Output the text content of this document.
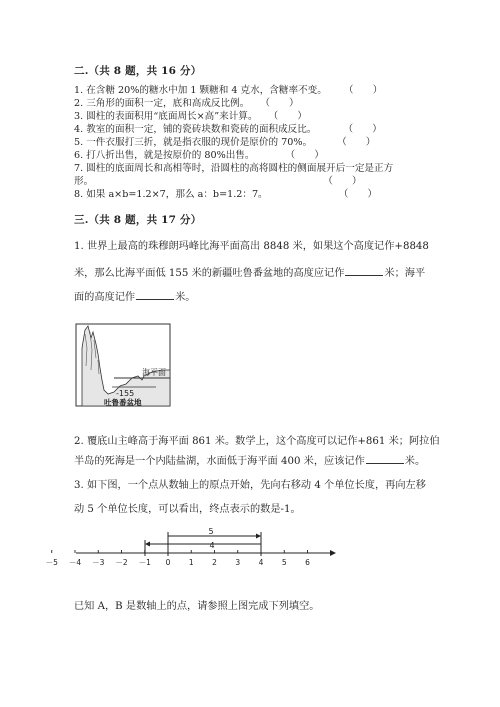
二.（共 8 题，共 16 分）
1. 在含糖 20%的糖水中加 1 颗糖和 4 克水，含糖率不变。 （　　）
2. 三角形的面积一定，底和高成反比例。 （　　）
3. 圆柱的表面积用“底面周长×高”来计算。 （　　）
4. 教室的面积一定，铺的瓷砖块数和瓷砖的面积成反比。	（　　）
5. 一件衣服打三折，就是指衣服的现价是原价的 70%。	（　　）
6. 打八折出售，就是按原价的 80%出售。	（　　）
7. 圆柱的底面周长和高相等时，沿圆柱的高将圆柱的侧面展开后一定是正方
形。	（　　）
8. 如果 a×b=1.2×7，那么 a：b=1.2：7。	（　　）
三.（共 8 题，共 17 分）
1. 世界上最高的珠穆朗玛峰比海平面高出 8848 米，如果这个高度记作+8848
米，那么比海平面低 155 米的新疆吐鲁番盆地的高度应记作	米；海平
面的高度记作	米。
海平面
-155
吐鲁番盆地
2. 覆底山主峰高于海平面 861 米。数学上，这个高度可以记作+861 米；阿拉伯
半岛的死海是一个内陆盐湖，水面低于海平面 400 米，应该记作	米。
3. 如下图，一个点从数轴上的原点开始，先向右移动 4 个单位长度，再向左移
动 5 个单位长度，可以看出，终点表示的数是-1。
－5 －4 －3 －2 －1 0 1 2 3 4 5 6
5
4
已知 A，B 是数轴上的点，请参照上图完成下列填空。
